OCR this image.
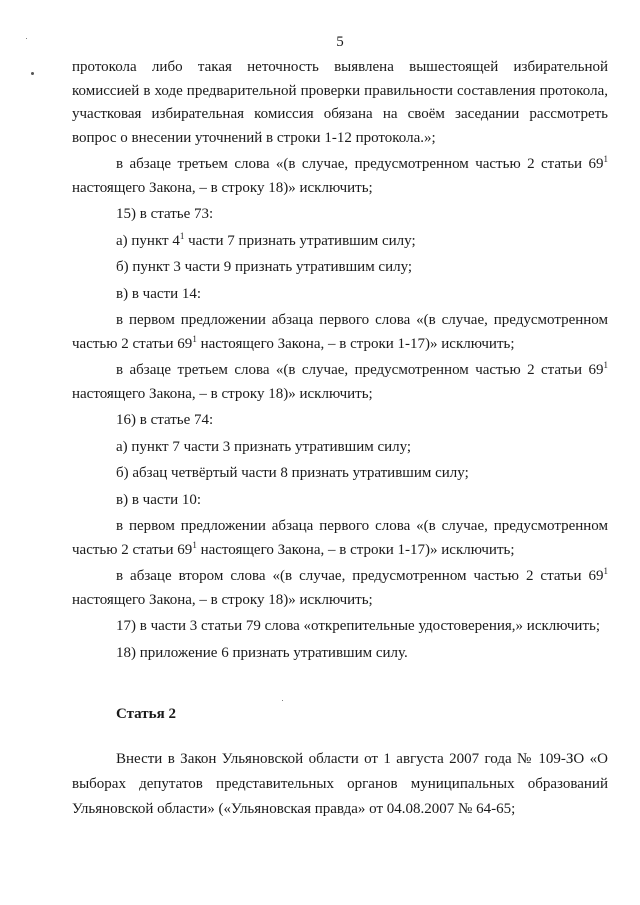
5

протокола либо такая неточность выявлена вышестоящей избирательной комиссией в ходе предварительной проверки правильности составления протокола, участковая избирательная комиссия обязана на своём заседании рассмотреть вопрос о внесении уточнений в строки 1-12 протокола.»;

в абзаце третьем слова «(в случае, предусмотренном частью 2 статьи $69^1$ настоящего Закона, – в строку 18)» исключить;

15) в статье 73:

а) пункт $4^1$ части 7 признать утратившим силу;

б) пункт 3 части 9 признать утратившим силу;

в) в части 14:

в первом предложении абзаца первого слова «(в случае, предусмотренном частью 2 статьи $69^1$ настоящего Закона, – в строки 1-17)» исключить;

в абзаце третьем слова «(в случае, предусмотренном частью 2 статьи $69^1$ настоящего Закона, – в строку 18)» исключить;

16) в статье 74:

а) пункт 7 части 3 признать утратившим силу;

б) абзац четвёртый части 8 признать утратившим силу;

в) в части 10:

в первом предложении абзаца первого слова «(в случае, предусмотренном частью 2 статьи $69^1$ настоящего Закона, – в строки 1-17)» исключить;

в абзаце втором слова «(в случае, предусмотренном частью 2 статьи $69^1$ настоящего Закона, – в строку 18)» исключить;

17) в части 3 статьи 79 слова «открепительные удостоверения,» исключить;

18) приложение 6 признать утратившим силу.

Статья 2

Внести в Закон Ульяновской области от 1 августа 2007 года № 109-ЗО «О выборах депутатов представительных органов муниципальных образований Ульяновской области» («Ульяновская правда» от 04.08.2007 № 64-65;
